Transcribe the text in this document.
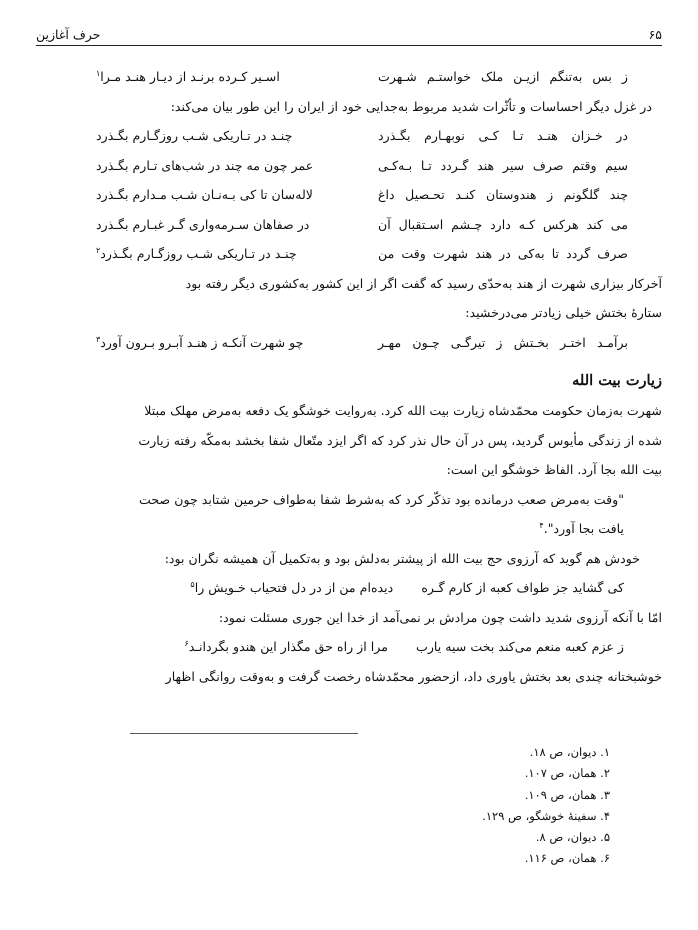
۶۵
حرف آغازین
ز بس به‌تنگم ازیـن ملک خواستـم شـهرت
اسـیر کـرده برنـد از دیـار هنـد مـرا$^۱$
در غزل دیگر احساسات و تأثّرات شدید مربوط به‌جدایی خود از ایران را این طور بیان می‌کند:
در خـزان هنـد تـا کـی نوبهـارم بگـذرد
چنـد در تـاریکی شـب روزگـارم بگـذرد
سیم وقتم صرف سیر هند گـردد تـا بـه‌کـی
عمر چون مه چند در شب‌های تـارم بگـذرد
چند گلگونم ز هندوستان کنـد تحـصیل داغ
لاله‌سان تا کی بـه‌نـان شـب مـدارم بگـذرد
می کند هرکس کـه دارد چـشم اسـتقبال آن
در صفاهان سـرمه‌واری گـر غبـارم بگـذرد
صرف گردد تا به‌کی در هند شهرت وقت من
چنـد در تـاریکی شـب روزگـارم بگـذرد$^۲$
آخرکار بیزاری شهرت از هند به‌حدّی رسید که گفت اگر از این کشور به‌کشوری دیگر رفته بود
ستارهٔ بختش خیلی زیادتر می‌درخشید:
برآمـد اختـر بخـتش ز تیرگـی چـون مهـر
چو شهرت آنکـه ز هنـد آبـرو بـرون آورد$^۳$
زیارت بیت الله
شهرت به‌زمان حکومت محمّدشاه زیارت بیت الله کرد. به‌روایت خوشگو یک دفعه به‌مرض مهلک مبتلا
شده از زندگی مأیوس گردید، پس در آن حال نذر کرد که اگر ایزد متّعال شفا بخشد به‌مکّه رفته زیارت
بیت الله بجا آرد. الفاظ خوشگو این است:
"وقت به‌مرض صعب درمانده بود تذکّر کرد که به‌شرط شفا به‌طواف حرمین شتابد چون صحت
یافت بجا آورد".$^۴$
خودش هم گوید که آرزوی حج بیت الله از پیشتر به‌دلش بود و به‌تکمیل آن همیشه نگران بود:
کی گشاید جز طواف کعبه از کارم گـره       دیده‌ام من از در دل فتحیاب خـویش را$^۵$
امّا با آنکه آرزوی شدید داشت چون مرادش بر نمی‌آمد از خدا این جوری مسئلت نمود:
ز عزم کعبه منعم می‌کند بخت سیه یارب       مرا از راه حق مگذار این هندو بگردانـد$^۶$
خوشبختانه چندی بعد بختش یاوری داد، ازحضور محمّدشاه رخصت گرفت و به‌وقت روانگی اظهار
۱. دیوان، ص ۱۸.
۲. همان، ص ۱۰۷.
۳. همان، ص ۱۰۹.
۴. سفینهٔ خوشگو، ص ۱۲۹.
۵. دیوان، ص ۸.
۶. همان، ص ۱۱۶.
